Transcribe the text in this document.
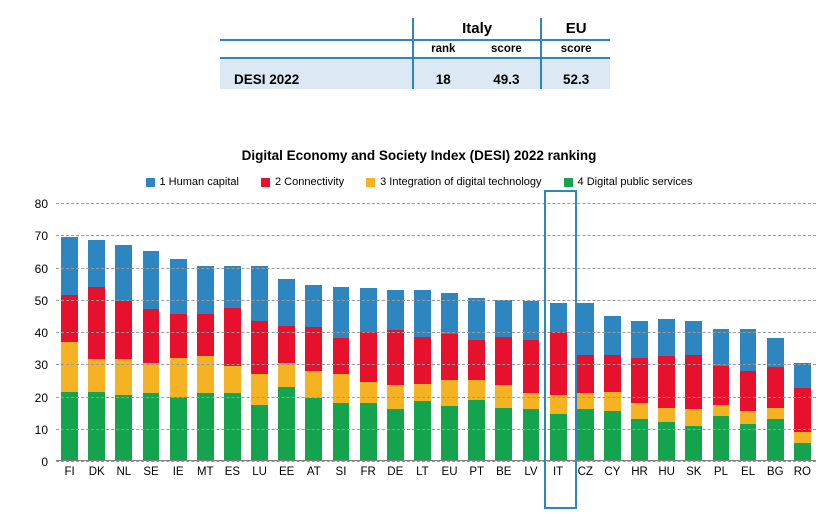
	Italy		EU
	rank	score	score
DESI 2022	18	49.3	52.3
Digital Economy and Society Index (DESI) 2022 ranking
1 Human capital	2 Connectivity	3 Integration of digital technology	4 Digital public services
0
10
20
30
40
50
60
70
80
FI	DK	NL	SE	IE	MT ES	LU	EE	AT	SI	FR DE	LT	EU	PT	BE	LV	IT	CZ CY HR HU SK	PL	EL	BG RO
